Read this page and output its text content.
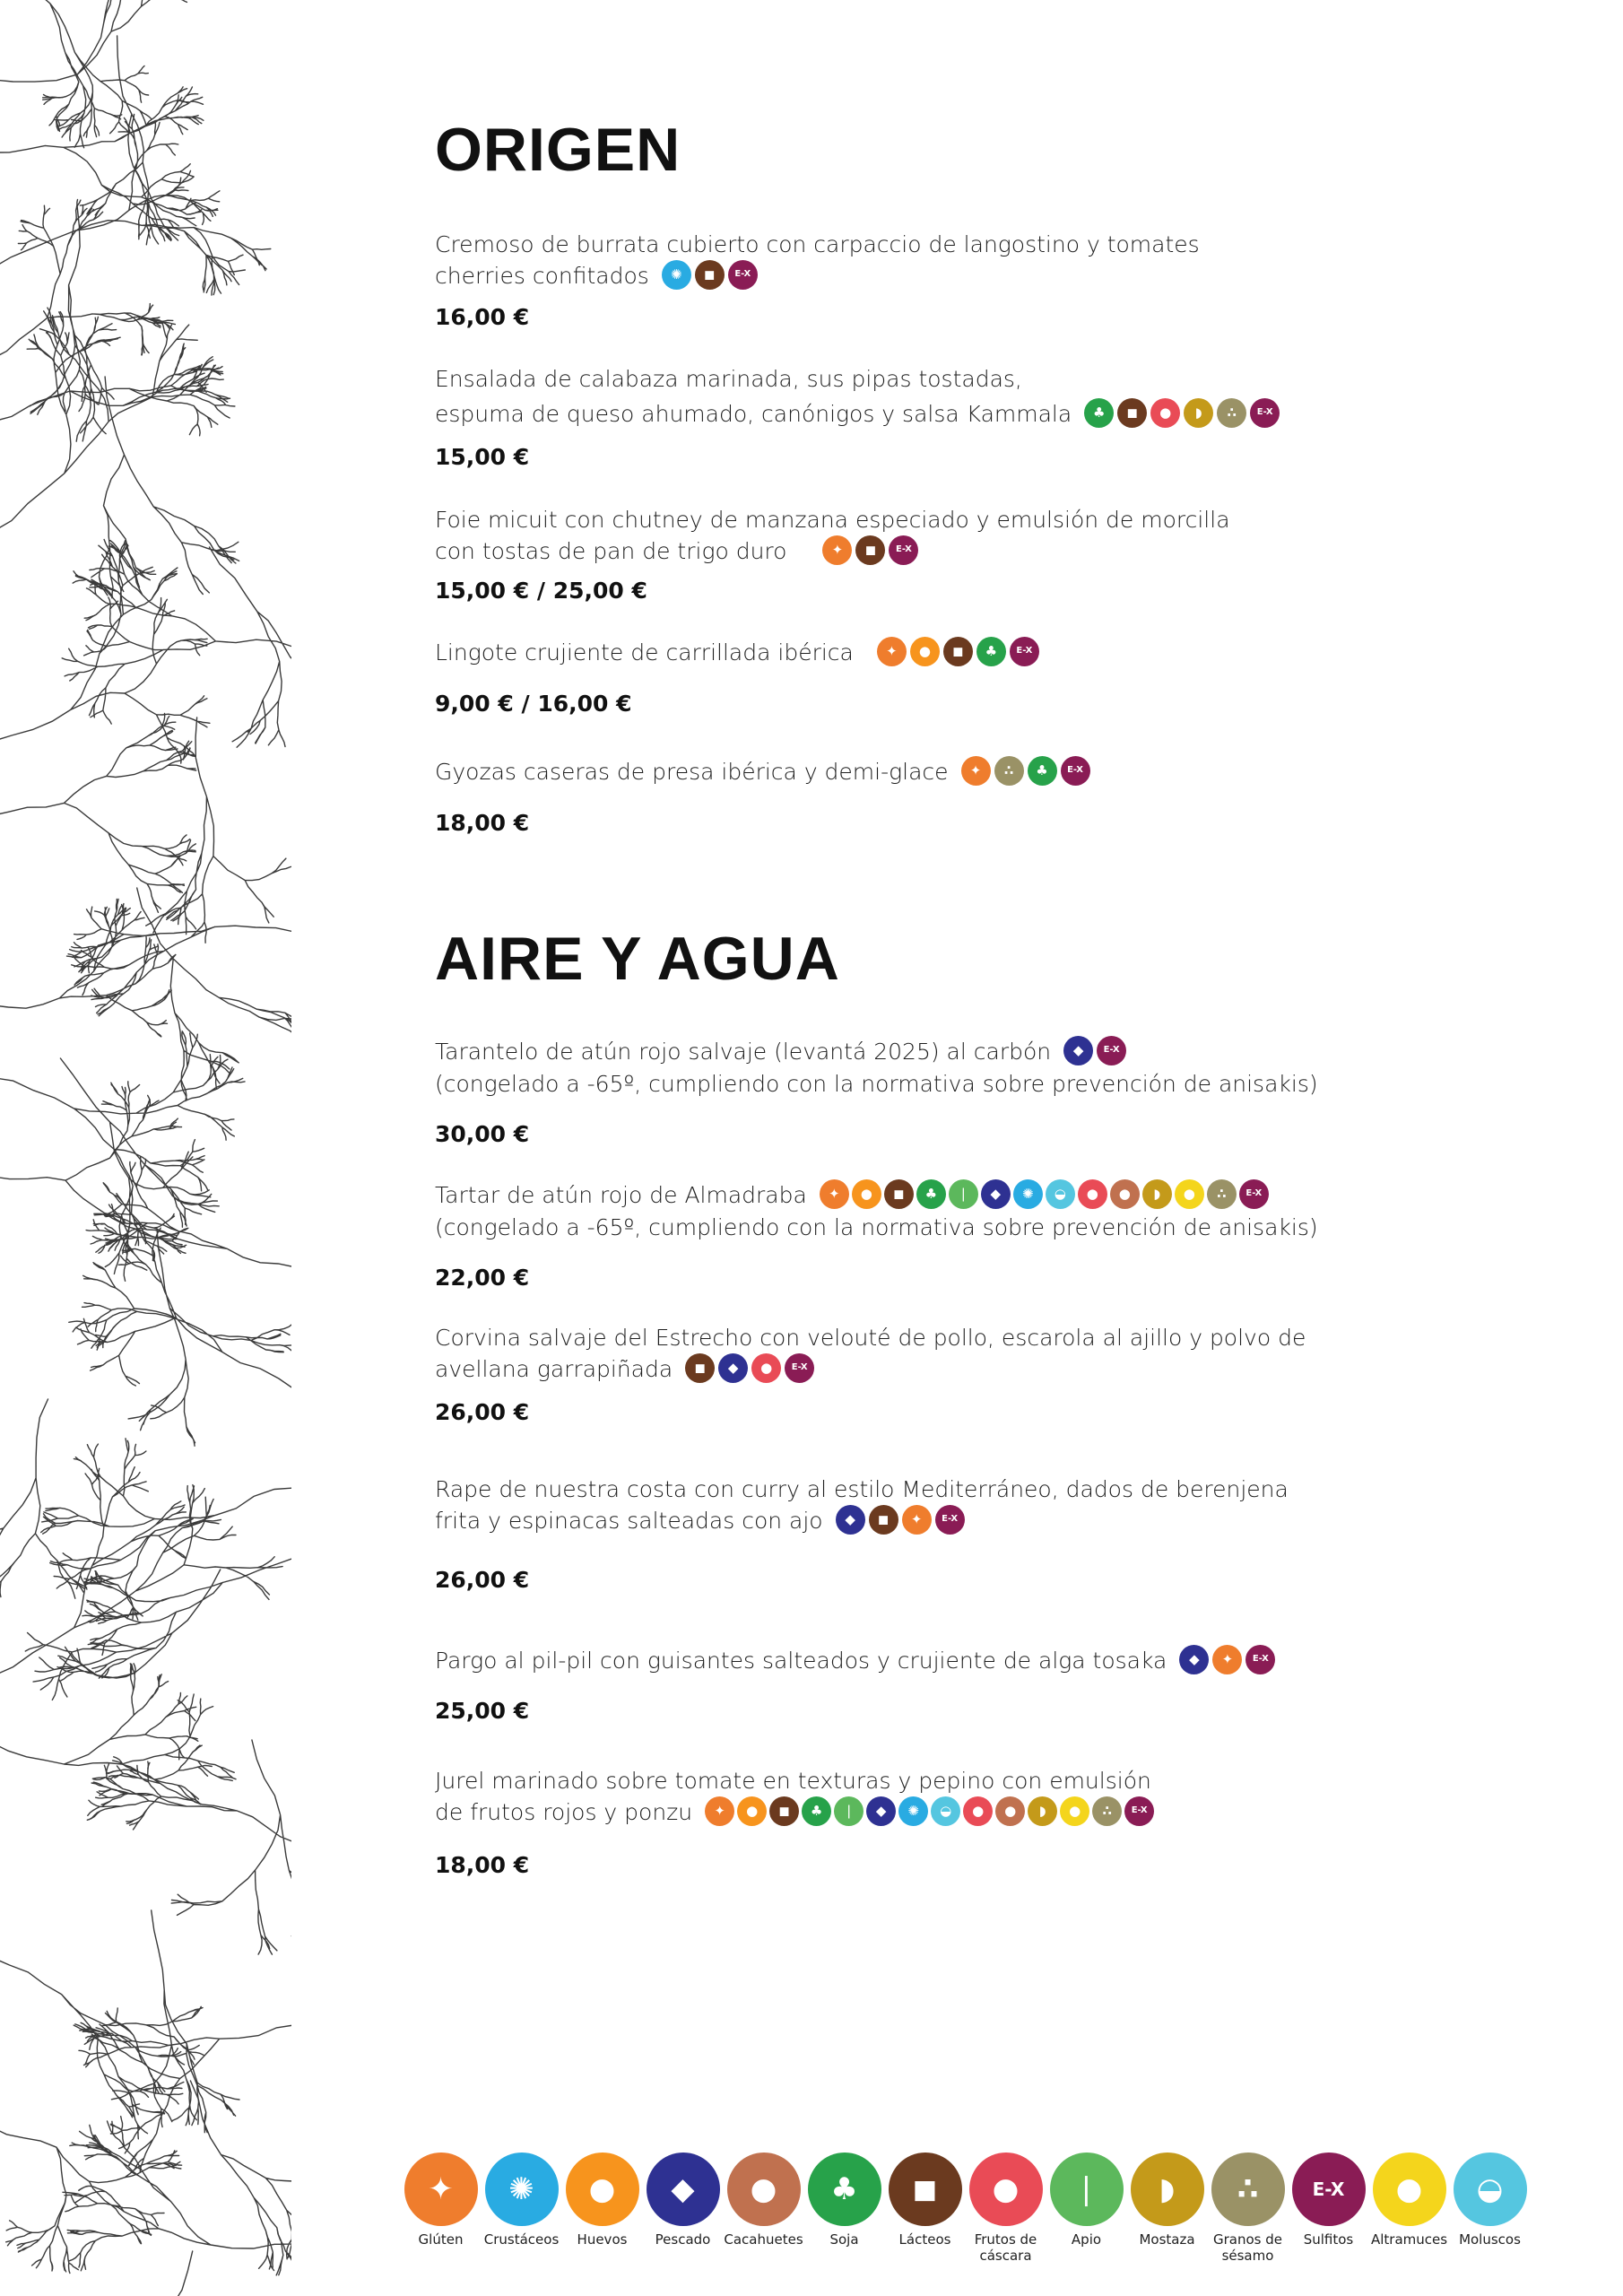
ORIGEN
Cremoso de burrata cubierto con carpaccio de langostino y tomates
cherries confitados	✺	◼	E-X
16,00 €
Ensalada de calabaza marinada, sus pipas tostadas,
espuma de queso ahumado, canónigos y salsa Kammala	♣	◼	●	◗	∴	E-X
15,00 €
Foie micuit con chutney de manzana especiado y emulsión de morcilla
con tostas de pan de trigo duro	✦	◼	E-X
15,00 € / 25,00 €
Lingote crujiente de carrillada ibérica	✦	●	◼	♣	E-X
9,00 € / 16,00 €
Gyozas caseras de presa ibérica y demi-glace	✦	∴	♣	E-X
18,00 €
AIRE Y AGUA
Tarantelo de atún rojo salvaje (levantá 2025) al carbón	◆	E-X
(congelado a -65º, cumpliendo con la normativa sobre prevención de anisakis)
30,00 €
Tartar de atún rojo de Almadraba	✦	●	◼	♣	❘	◆	✺	◒	●	●	◗	●	∴	E-X
(congelado a -65º, cumpliendo con la normativa sobre prevención de anisakis)
22,00 €
Corvina salvaje del Estrecho con velouté de pollo, escarola al ajillo y polvo de
avellana garrapiñada	◼	◆	●	E-X
26,00 €
Rape de nuestra costa con curry al estilo Mediterráneo, dados de berenjena
frita y espinacas salteadas con ajo	◆	◼	✦	E-X
26,00 €
Pargo al pil-pil con guisantes salteados y crujiente de alga tosaka	◆	✦	E-X
25,00 €
Jurel marinado sobre tomate en texturas y pepino con emulsión
de frutos rojos y ponzu	✦	●	◼	♣	❘	◆	✺	◒	●	●	◗	●	∴	E-X
18,00 €
✦
Glúten
✺
Crustáceos
●
Huevos
◆
Pescado
●
Cacahuetes
♣
Soja
◼
Lácteos
●
Frutos de cáscara
❘
Apio
◗
Mostaza
∴
Granos de sésamo
E-X
Sulfitos
●
Altramuces
◒
Moluscos
